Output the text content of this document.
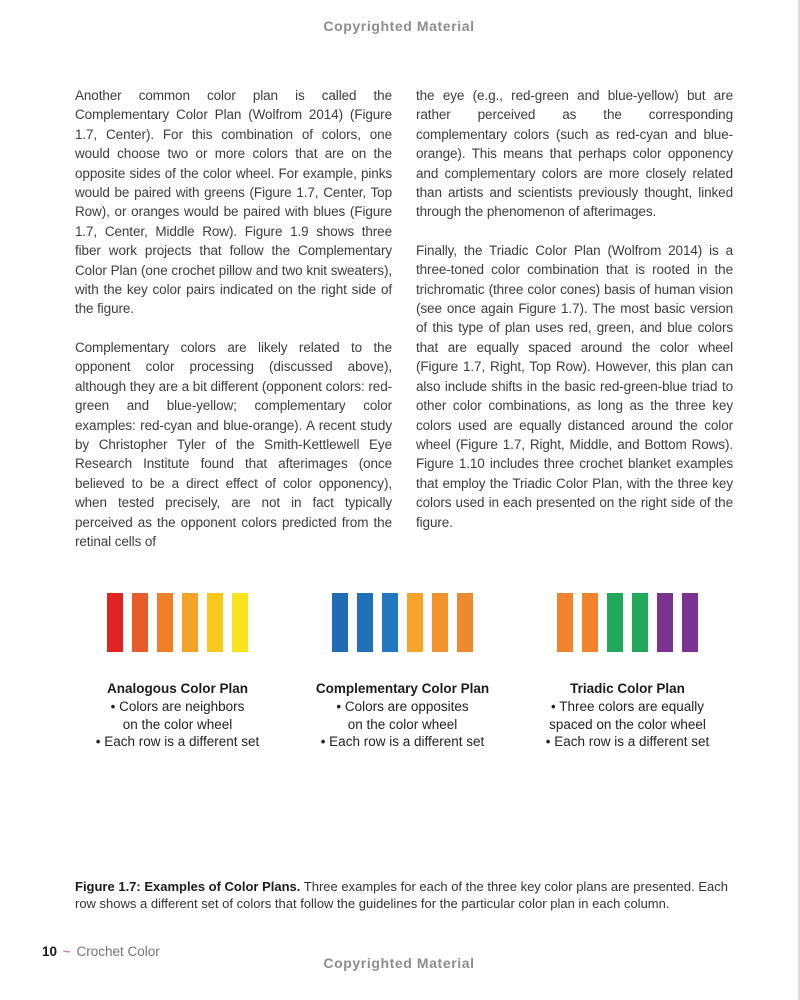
Copyrighted Material

Another common color plan is called the Complementary Color Plan (Wolfrom 2014) (Figure 1.7, Center). For this combination of colors, one would choose two or more colors that are on the opposite sides of the color wheel. For example, pinks would be paired with greens (Figure 1.7, Center, Top Row), or oranges would be paired with blues (Figure 1.7, Center, Middle Row). Figure 1.9 shows three fiber work projects that follow the Complementary Color Plan (one crochet pillow and two knit sweaters), with the key color pairs indicated on the right side of the figure.

Complementary colors are likely related to the opponent color processing (discussed above), although they are a bit different (opponent colors: red-green and blue-yellow; complementary color examples: red-cyan and blue-orange). A recent study by Christopher Tyler of the Smith-Kettlewell Eye Research Institute found that afterimages (once believed to be a direct effect of color opponency), when tested precisely, are not in fact typically perceived as the opponent colors predicted from the retinal cells of

the eye (e.g., red-green and blue-yellow) but are rather perceived as the corresponding complementary colors (such as red-cyan and blue-orange). This means that perhaps color opponency and complementary colors are more closely related than artists and scientists previously thought, linked through the phenomenon of afterimages.

Finally, the Triadic Color Plan (Wolfrom 2014) is a three-toned color combination that is rooted in the trichromatic (three color cones) basis of human vision (see once again Figure 1.7). The most basic version of this type of plan uses red, green, and blue colors that are equally spaced around the color wheel (Figure 1.7, Right, Top Row). However, this plan can also include shifts in the basic red-green-blue triad to other color combinations, as long as the three key colors used are equally distanced around the color wheel (Figure 1.7, Right, Middle, and Bottom Rows). Figure 1.10 includes three crochet blanket examples that employ the Triadic Color Plan, with the three key colors used in each presented on the right side of the figure.

Analogous Color Plan
• Colors are neighbors
on the color wheel
• Each row is a different set
Complementary Color Plan
• Colors are opposites
on the color wheel
• Each row is a different set
Triadic Color Plan
• Three colors are equally
spaced on the color wheel
• Each row is a different set
Figure 1.7: Examples of Color Plans. Three examples for each of the three key color plans are presented. Each row shows a different set of colors that follow the guidelines for the particular color plan in each column.
10 ~ Crochet Color
Copyrighted Material
